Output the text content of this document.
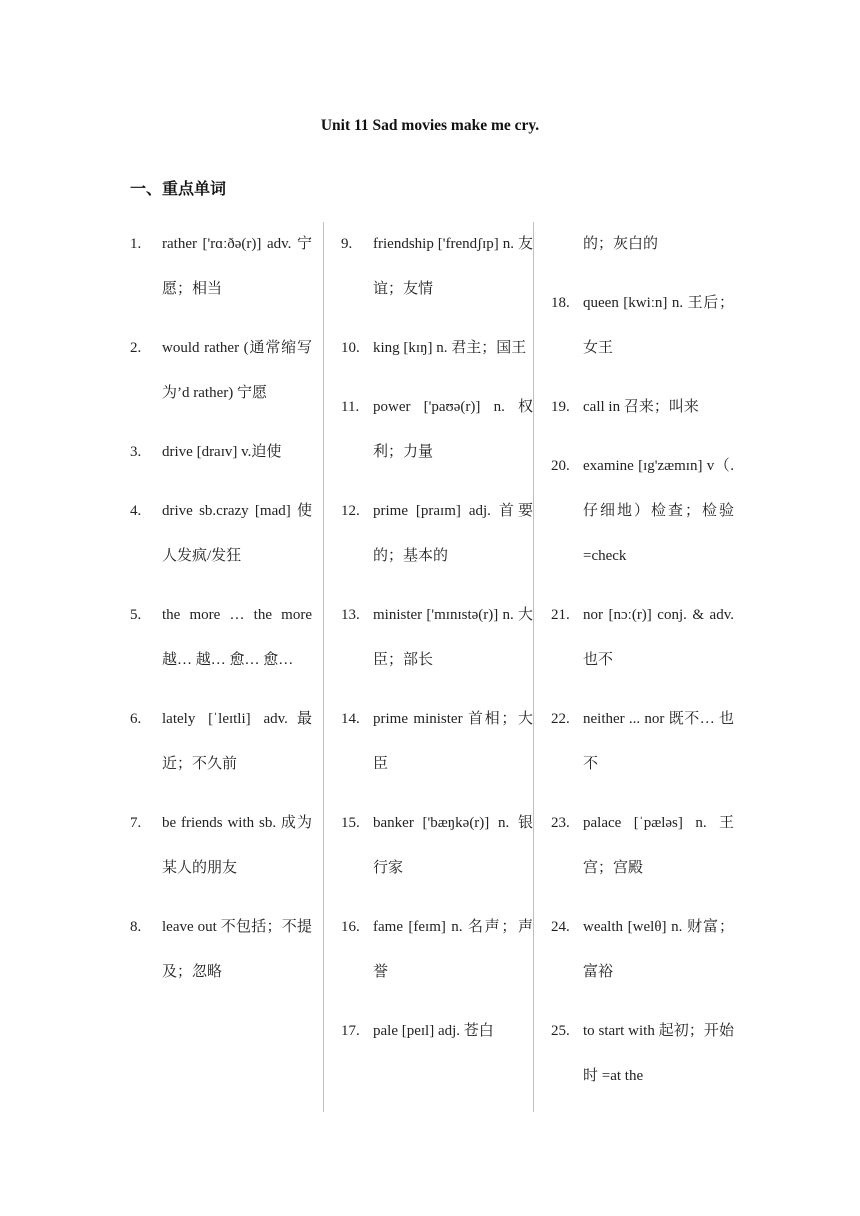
Unit 11 Sad movies make me cry.
一、重点单词
1. rather ['rɑːðə(r)] adv. 宁愿；相当
2. would rather (通常缩写为’d rather) 宁愿
3. drive [draɪv] v.迫使
4. drive sb.crazy [mad] 使人发疯/发狂
5. the more … the more 越… 越… 愈… 愈…
6. lately [ˈleɪtli] adv.最近；不久前
7. be friends with sb. 成为某人的朋友
8. leave out 不包括；不提及；忽略
9. friendship ['frendʃɪp] n. 友谊；友情
10. king [kɪŋ] n. 君主；国王
11. power ['paʊə(r)] n. 权利；力量
12. prime [praɪm] adj. 首要的；基本的
13. minister ['mɪnɪstə(r)] n. 大臣；部长
14. prime minister 首相；大臣
15. banker ['bæŋkə(r)] n. 银行家
16. fame [feɪm] n. 名声；声誉
17. pale [peɪl] adj. 苍白
的；灰白的
18. queen [kwiːn] n. 王后；女王
19. call in 召来；叫来
20. examine [ɪg'zæmɪn] v（.仔细地）检查；检验=check
21. nor [nɔː(r)] conj. & adv. 也不
22. neither ... nor 既不… 也不
23. palace [ˈpæləs] n. 王宫；宫殿
24. wealth [welθ] n. 财富；富裕
25. to start with 起初；开始时 =at the
